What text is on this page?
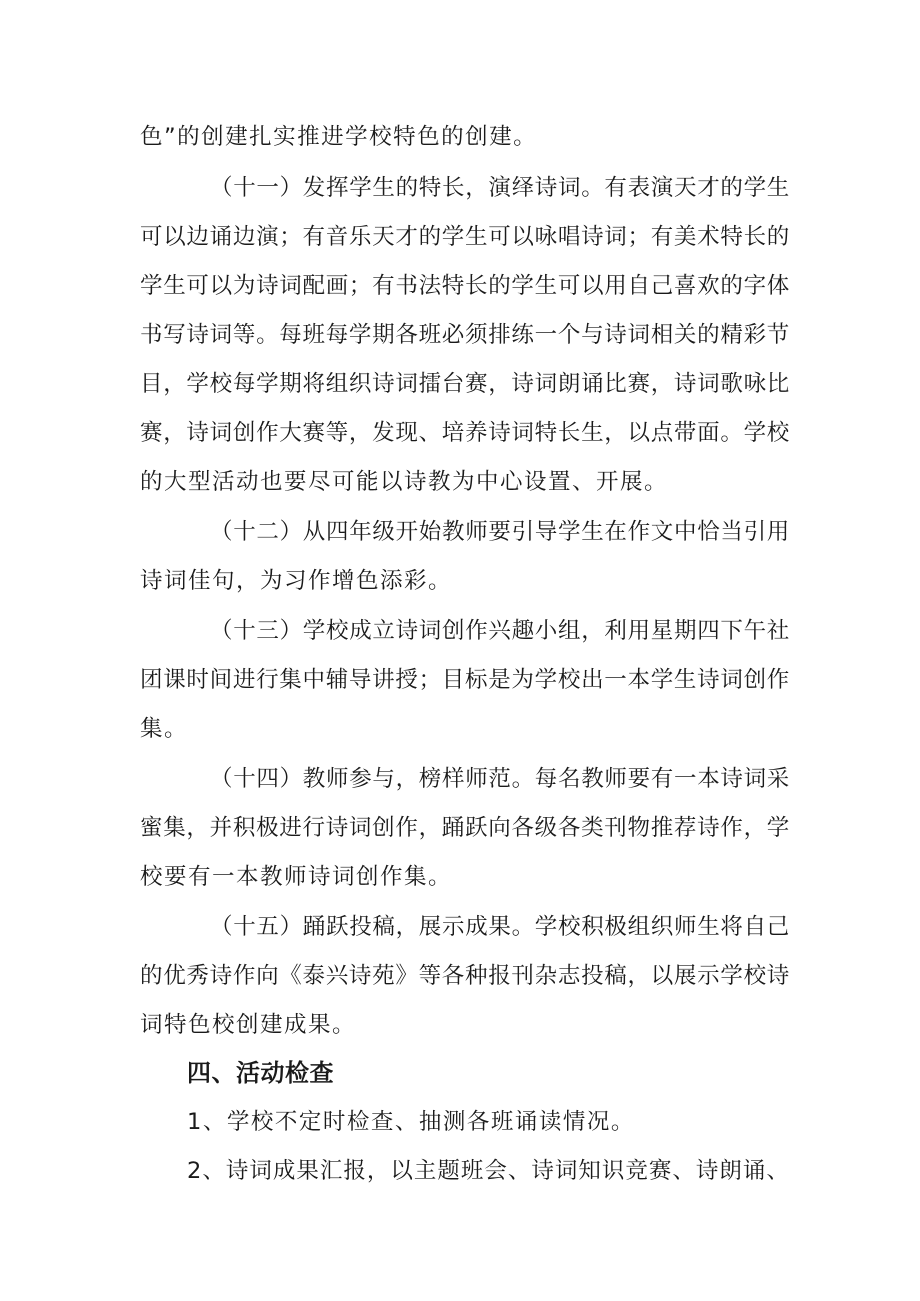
色”的创建扎实推进学校特色的创建。
（十一）发挥学生的特长，演绎诗词。有表演天才的学生
可以边诵边演；有音乐天才的学生可以咏唱诗词；有美术特长的
学生可以为诗词配画；有书法特长的学生可以用自己喜欢的字体
书写诗词等。每班每学期各班必须排练一个与诗词相关的精彩节
目，学校每学期将组织诗词擂台赛，诗词朗诵比赛，诗词歌咏比
赛，诗词创作大赛等，发现、培养诗词特长生，以点带面。学校
的大型活动也要尽可能以诗教为中心设置、开展。
（十二）从四年级开始教师要引导学生在作文中恰当引用
诗词佳句，为习作增色添彩。
（十三）学校成立诗词创作兴趣小组，利用星期四下午社
团课时间进行集中辅导讲授；目标是为学校出一本学生诗词创作
集。
（十四）教师参与，榜样师范。每名教师要有一本诗词采
蜜集，并积极进行诗词创作，踊跃向各级各类刊物推荐诗作，学
校要有一本教师诗词创作集。
（十五）踊跃投稿，展示成果。学校积极组织师生将自己
的优秀诗作向《泰兴诗苑》等各种报刊杂志投稿，以展示学校诗
词特色校创建成果。
四、活动检查
1、学校不定时检查、抽测各班诵读情况。
2、诗词成果汇报，以主题班会、诗词知识竞赛、诗朗诵、
